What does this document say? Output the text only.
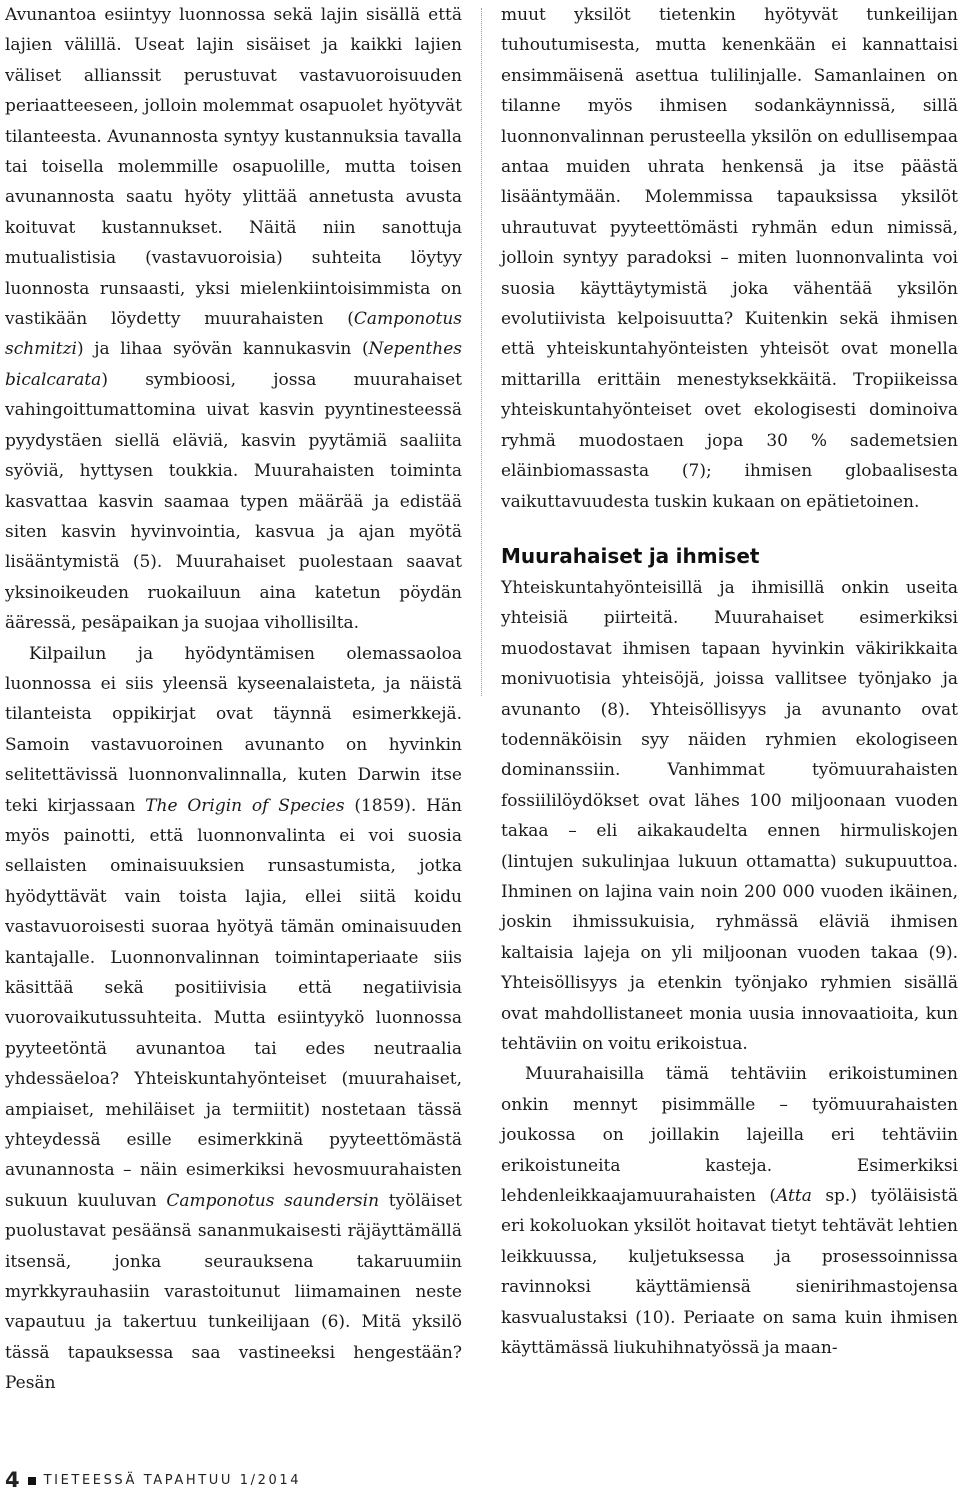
Avunantoa esiintyy luonnossa sekä lajin sisällä että lajien välillä. Useat lajin sisäiset ja kaikki lajien väliset allianssit perustuvat vastavuoroisuuden periaatteeseen, jolloin molemmat osapuolet hyötyvät tilanteesta. Avunannosta syntyy kustannuksia tavalla tai toisella molemmille osapuolille, mutta toisen avunannosta saatu hyöty ylittää annetusta avusta koituvat kustannukset. Näitä niin sanottuja mutualistisia (vastavuoroisia) suhteita löytyy luonnosta runsaasti, yksi mielenkiintoisimmista on vastikään löydetty muurahaisten (Camponotus schmitzi) ja lihaa syövän kannukasvin (Nepenthes bicalcarata) symbioosi, jossa muurahaiset vahingoittumattomina uivat kasvin pyyntinesteessä pyydystäen siellä eläviä, kasvin pyytämiä saaliita syöviä, hyttysen toukkia. Muurahaisten toiminta kasvattaa kasvin saamaa typen määrää ja edistää siten kasvin hyvinvointia, kasvua ja ajan myötä lisääntymistä (5). Muurahaiset puolestaan saavat yksinoikeuden ruokailuun aina katetun pöydän ääressä, pesäpaikan ja suojaa vihollisilta.

Kilpailun ja hyödyntämisen olemassaoloa luonnossa ei siis yleensä kyseenalaisteta, ja näistä tilanteista oppikirjat ovat täynnä esimerkkejä. Samoin vastavuoroinen avunanto on hyvinkin selitettävissä luonnonvalinnalla, kuten Darwin itse teki kirjassaan The Origin of Species (1859). Hän myös painotti, että luonnonvalinta ei voi suosia sellaisten ominaisuuksien runsastumista, jotka hyödyttävät vain toista lajia, ellei siitä koidu vastavuoroisesti suoraa hyötyä tämän ominaisuuden kantajalle. Luonnonvalinnan toimintaperiaate siis käsittää sekä positiivisia että negatiivisia vuorovaikutussuhteita. Mutta esiintyykö luonnossa pyyteetöntä avunantoa tai edes neutraalia yhdessäeloa? Yhteiskuntahyönteiset (muurahaiset, ampiaiset, mehiläiset ja termiitit) nostetaan tässä yhteydessä esille esimerkkinä pyyteettömästä avunannosta – näin esimerkiksi hevosmuurahaisten sukuun kuuluvan Camponotus saundersin työläiset puolustavat pesäänsä sananmukaisesti räjäyttämällä itsensä, jonka seurauksena takaruumiin myrkkyrauhasiin varastoitunut liimamainen neste vapautuu ja takertuu tunkeilijaan (6). Mitä yksilö tässä tapauksessa saa vastineeksi hengestään? Pesän

muut yksilöt tietenkin hyötyvät tunkeilijan tuhoutumisesta, mutta kenenkään ei kannattaisi ensimmäisenä asettua tulilinjalle. Samanlainen on tilanne myös ihmisen sodankäynnissä, sillä luonnonvalinnan perusteella yksilön on edullisempaa antaa muiden uhrata henkensä ja itse päästä lisääntymään. Molemmissa tapauksissa yksilöt uhrautuvat pyyteettömästi ryhmän edun nimissä, jolloin syntyy paradoksi – miten luonnonvalinta voi suosia käyttäytymistä joka vähentää yksilön evolutiivista kelpoisuutta? Kuitenkin sekä ihmisen että yhteiskuntahyönteisten yhteisöt ovat monella mittarilla erittäin menestyksekkäitä. Tropiikeissa yhteiskuntahyönteiset ovet ekologisesti dominoiva ryhmä muodostaen jopa 30 % sademetsien eläinbiomassasta (7); ihmisen globaalisesta vaikuttavuudesta tuskin kukaan on epätietoinen.

Muurahaiset ja ihmiset

Yhteiskuntahyönteisillä ja ihmisillä onkin useita yhteisiä piirteitä. Muurahaiset esimerkiksi muodostavat ihmisen tapaan hyvinkin väkirikkaita monivuotisia yhteisöjä, joissa vallitsee työnjako ja avunanto (8). Yhteisöllisyys ja avunanto ovat todennäköisin syy näiden ryhmien ekologiseen dominanssiin. Vanhimmat työmuurahaisten fossiililöydökset ovat lähes 100 miljoonaan vuoden takaa – eli aikakaudelta ennen hirmuliskojen (lintujen sukulinjaa lukuun ottamatta) sukupuuttoa. Ihminen on lajina vain noin 200 000 vuoden ikäinen, joskin ihmissukuisia, ryhmässä eläviä ihmisen kaltaisia lajeja on yli miljoonan vuoden takaa (9). Yhteisöllisyys ja etenkin työnjako ryhmien sisällä ovat mahdollistaneet monia uusia innovaatioita, kun tehtäviin on voitu erikoistua.

Muurahaisilla tämä tehtäviin erikoistuminen onkin mennyt pisimmälle – työmuurahaisten joukossa on joillakin lajeilla eri tehtäviin erikoistuneita kasteja. Esimerkiksi lehdenleikkaajamuurahaisten (Atta sp.) työläisistä eri kokoluokan yksilöt hoitavat tietyt tehtävät lehtien leikkuussa, kuljetuksessa ja prosessoinnissa ravinnoksi käyttämiensä sienirihmastojensa kasvualustaksi (10). Periaate on sama kuin ihmisen käyttämässä liukuhihnatyössä ja maan-

4 TIETEESSÄ TAPAHTUU 1/2014
